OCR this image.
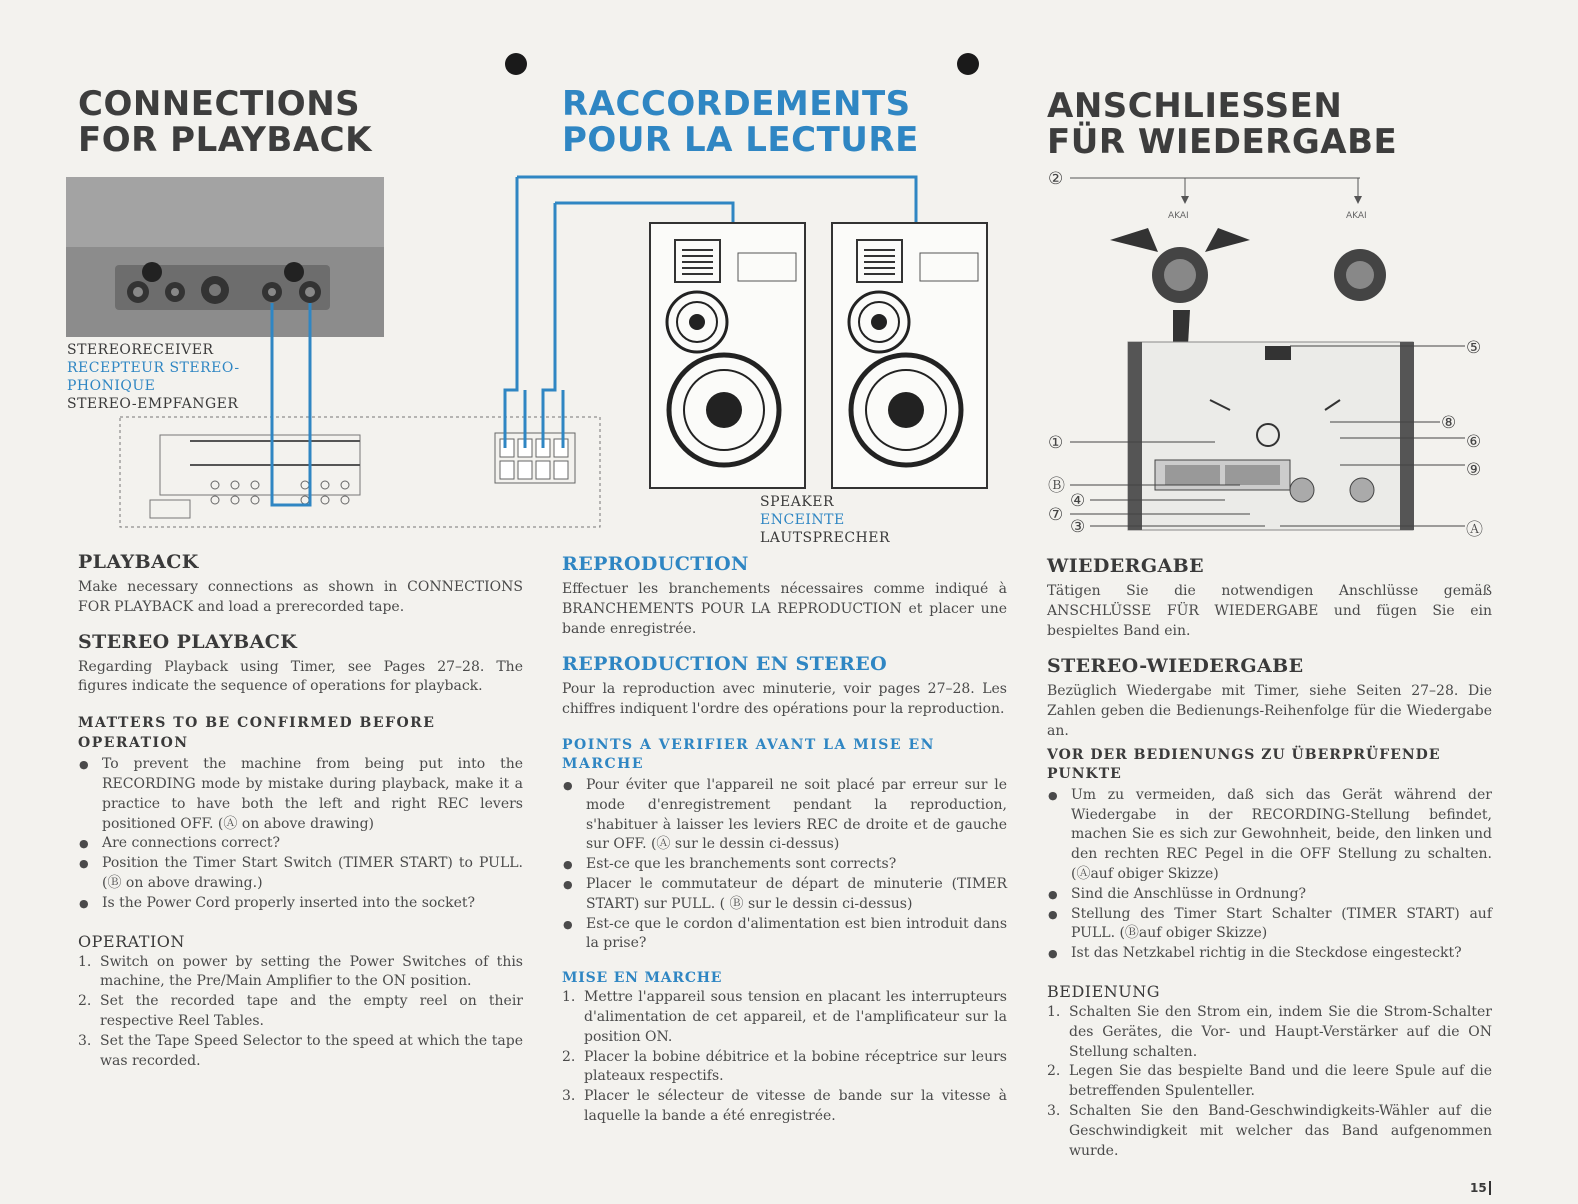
CONNECTIONS
FOR PLAYBACK
RACCORDEMENTS
POUR LA LECTURE
ANSCHLIESSEN
FÜR WIEDERGABE
STEREORECEIVER
RECEPTEUR STEREO-
PHONIQUE
STEREO-EMPFANGER
SPEAKER
ENCEINTE
LAUTSPRECHER
AKAI	AKAI
②
⑤
⑧
⑥
⑨
①
Ⓑ
④
⑦
③	Ⓐ
PLAYBACK

Make necessary connections as shown in CONNECTIONS FOR PLAYBACK and load a prerecorded tape.

STEREO PLAYBACK

Regarding Playback using Timer, see Pages 27–28. The figures indicate the sequence of operations for playback.

MATTERS TO BE CONFIRMED BEFORE OPERATION
● To prevent the machine from being put into the RECORDING mode by mistake during playback, make it a practice to have both the left and right REC levers positioned OFF. (Ⓐ on above drawing)
● Are connections correct?
● Position the Timer Start Switch (TIMER START) to PULL. (Ⓑ on above drawing.)
● Is the Power Cord properly inserted into the socket?
OPERATION
1. Switch on power by setting the Power Switches of this machine, the Pre/Main Amplifier to the ON position.
2. Set the recorded tape and the empty reel on their respective Reel Tables.
3. Set the Tape Speed Selector to the speed at which the tape was recorded.
REPRODUCTION

Effectuer les branchements nécessaires comme indiqué à BRANCHEMENTS POUR LA REPRODUCTION et placer une bande enregistrée.

REPRODUCTION EN STEREO

Pour la reproduction avec minuterie, voir pages 27–28. Les chiffres indiquent l'ordre des opérations pour la reproduction.

POINTS A VERIFIER AVANT LA MISE EN MARCHE
● Pour éviter que l'appareil ne soit placé par erreur sur le mode d'enregistrement pendant la reproduction, s'habituer à laisser les leviers REC de droite et de gauche sur OFF. (Ⓐ sur le dessin ci-dessus)
● Est-ce que les branchements sont corrects?
● Placer le commutateur de départ de minuterie (TIMER START) sur PULL. ( Ⓑ sur le dessin ci-dessus)
● Est-ce que le cordon d'alimentation est bien introduit dans la prise?
MISE EN MARCHE
1. Mettre l'appareil sous tension en placant les interrupteurs d'alimentation de cet appareil, et de l'amplificateur sur la position ON.
2. Placer la bobine débitrice et la bobine réceptrice sur leurs plateaux respectifs.
3. Placer le sélecteur de vitesse de bande sur la vitesse à laquelle la bande a été enregistrée.
WIEDERGABE

Tätigen Sie die notwendigen Anschlüsse gemäß ANSCHLÜSSE FÜR WIEDERGABE und fügen Sie ein bespieltes Band ein.

STEREO-WIEDERGABE

Bezüglich Wiedergabe mit Timer, siehe Seiten 27–28. Die Zahlen geben die Bedienungs-Reihenfolge für die Wiedergabe an.

VOR DER BEDIENUNGS ZU ÜBERPRÜFENDE PUNKTE
● Um zu vermeiden, daß sich das Gerät während der Wiedergabe in der RECORDING-Stellung befindet, machen Sie es sich zur Gewohnheit, beide, den linken und den rechten REC Pegel in die OFF Stellung zu schalten. (Ⓐauf obiger Skizze)
● Sind die Anschlüsse in Ordnung?
● Stellung des Timer Start Schalter (TIMER START) auf PULL. (Ⓑauf obiger Skizze)
● Ist das Netzkabel richtig in die Steckdose eingesteckt?
BEDIENUNG
1. Schalten Sie den Strom ein, indem Sie die Strom-Schalter des Gerätes, die Vor- und Haupt-Verstärker auf die ON Stellung schalten.
2. Legen Sie das bespielte Band und die leere Spule auf die betreffenden Spulenteller.
3. Schalten Sie den Band-Geschwindigkeits-Wähler auf die Geschwindigkeit mit welcher das Band aufgenommen wurde.
15
